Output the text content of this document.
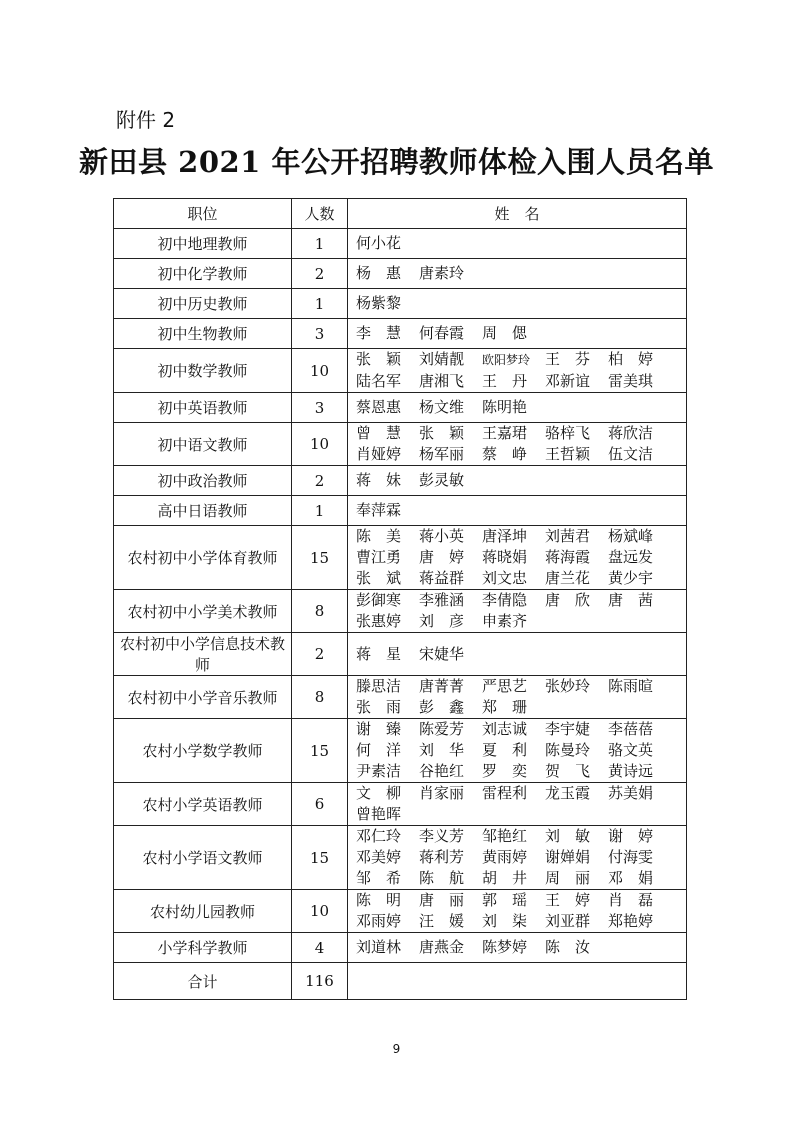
附件 2
新田县 2021 年公开招聘教师体检入围人员名单
职位	人数	姓　名
初中地理教师	1	何小花

初中化学教师	2	杨　惠 唐素玲

初中历史教师	1	杨紫黎

初中生物教师	3	李　慧 何春霞 周　偲

初中数学教师	10	张　颖 刘婧靓 欧阳梦玲 王　芬 柏　婷
陆名军 唐湘飞 王　丹 邓新谊 雷美琪

初中英语教师	3	蔡恩惠 杨文维 陈明艳

初中语文教师	10	曾　慧 张　颖 王嘉珺 骆梓飞 蒋欣洁
肖娅婷 杨军丽 蔡　峥 王哲颖 伍文洁

初中政治教师	2	蒋　妹 彭灵敏

高中日语教师	1	奉萍霖

农村初中小学体育教师	15	陈　美 蒋小英 唐泽坤 刘茜君 杨斌峰
曹江勇 唐　婷 蒋晓娟 蒋海霞 盘远发
张　斌 蒋益群 刘文忠 唐兰花 黄少宇

农村初中小学美术教师	8	彭御寒 李雅涵 李倩隐 唐　欣 唐　茜
张惠婷 刘　彦 申素齐

农村初中小学信息技术教师	2	蒋　星 宋婕华

农村初中小学音乐教师	8	滕思洁 唐菁菁 严思艺 张妙玲 陈雨暄
张　雨 彭　鑫 郑　珊

农村小学数学教师	15	谢　臻 陈爱芳 刘志诚 李宇婕 李蓓蓓
何　洋 刘　华 夏　利 陈曼玲 骆文英
尹素洁 谷艳红 罗　奕 贺　飞 黄诗远

农村小学英语教师	6	文　柳 肖家丽 雷程利 龙玉霞 苏美娟
曾艳晖

农村小学语文教师	15	邓仁玲 李义芳 邹艳红 刘　敏 谢　婷
邓美婷 蒋利芳 黄雨婷 谢婵娟 付海雯
邹　希 陈　航 胡　井 周　丽 邓　娟

农村幼儿园教师	10	陈　明 唐　丽 郭　瑶 王　婷 肖　磊
邓雨婷 汪　媛 刘　柒 刘亚群 郑艳婷

小学科学教师	4	刘道林 唐燕金 陈梦婷 陈　汝

合计	116	
9
